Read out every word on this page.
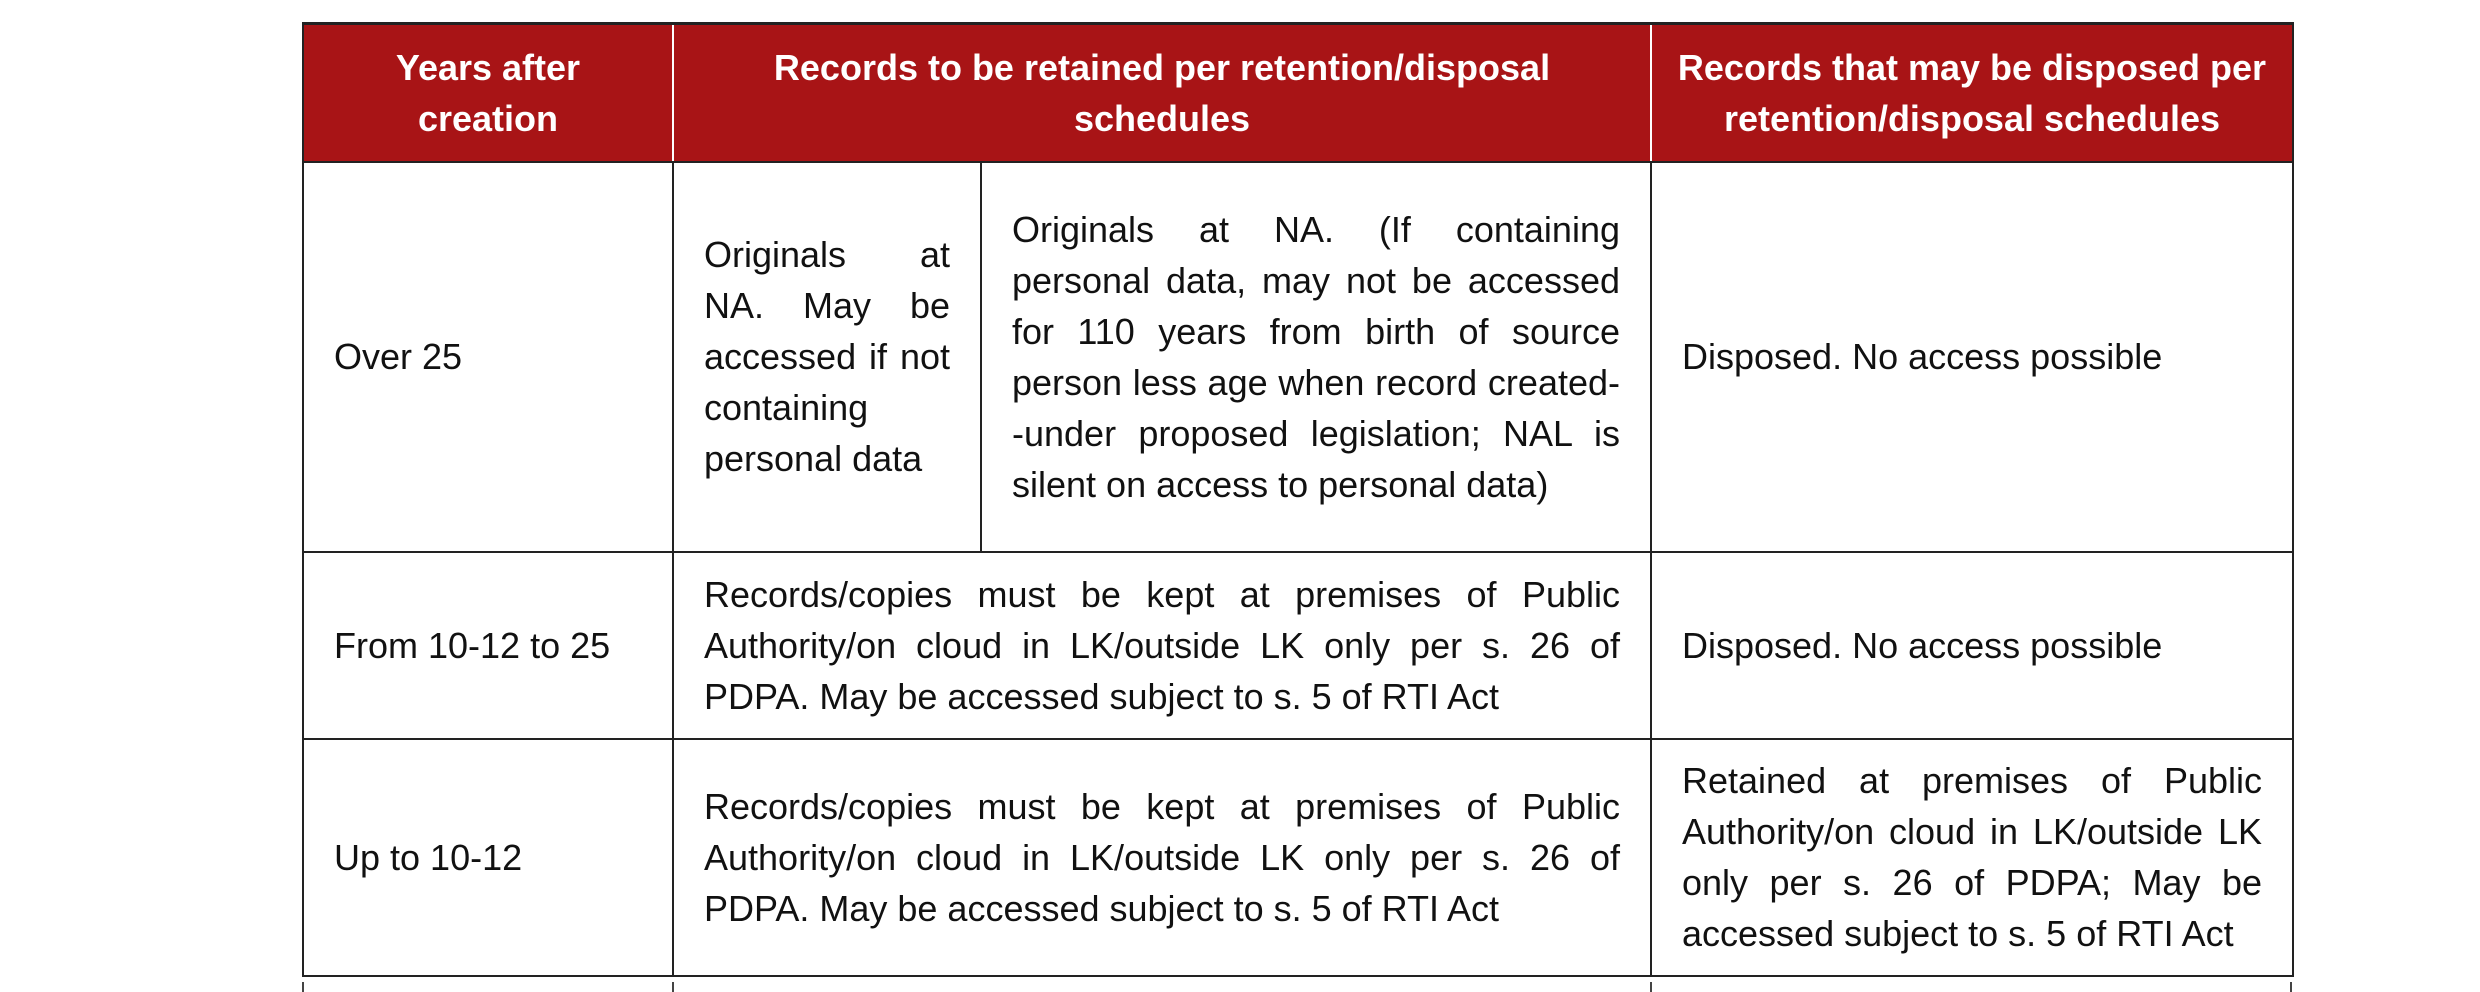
Years after creation	Records to be retained per retention/disposal schedules		Records that may be disposed per retention/disposal schedules
Over 25	Originals at NA. May be accessed if not containing personal data	Originals at NA. (If containing personal data, may not be accessed for 110 years from birth of source person less age when record created--under proposed legislation; NAL is silent on access to personal data)	Disposed. No access possible
From 10-12 to 25	Records/copies must be kept at premises of Public Authority/on cloud in LK/outside LK only per s. 26 of PDPA. May be accessed subject to s. 5 of RTI Act		Disposed. No access possible
Up to 10-12	Records/copies must be kept at premises of Public Authority/on cloud in LK/outside LK only per s. 26 of PDPA. May be accessed subject to s. 5 of RTI Act		Retained at premises of Public Authority/on cloud in LK/outside LK only per s. 26 of PDPA; May be accessed subject to s. 5 of RTI Act
